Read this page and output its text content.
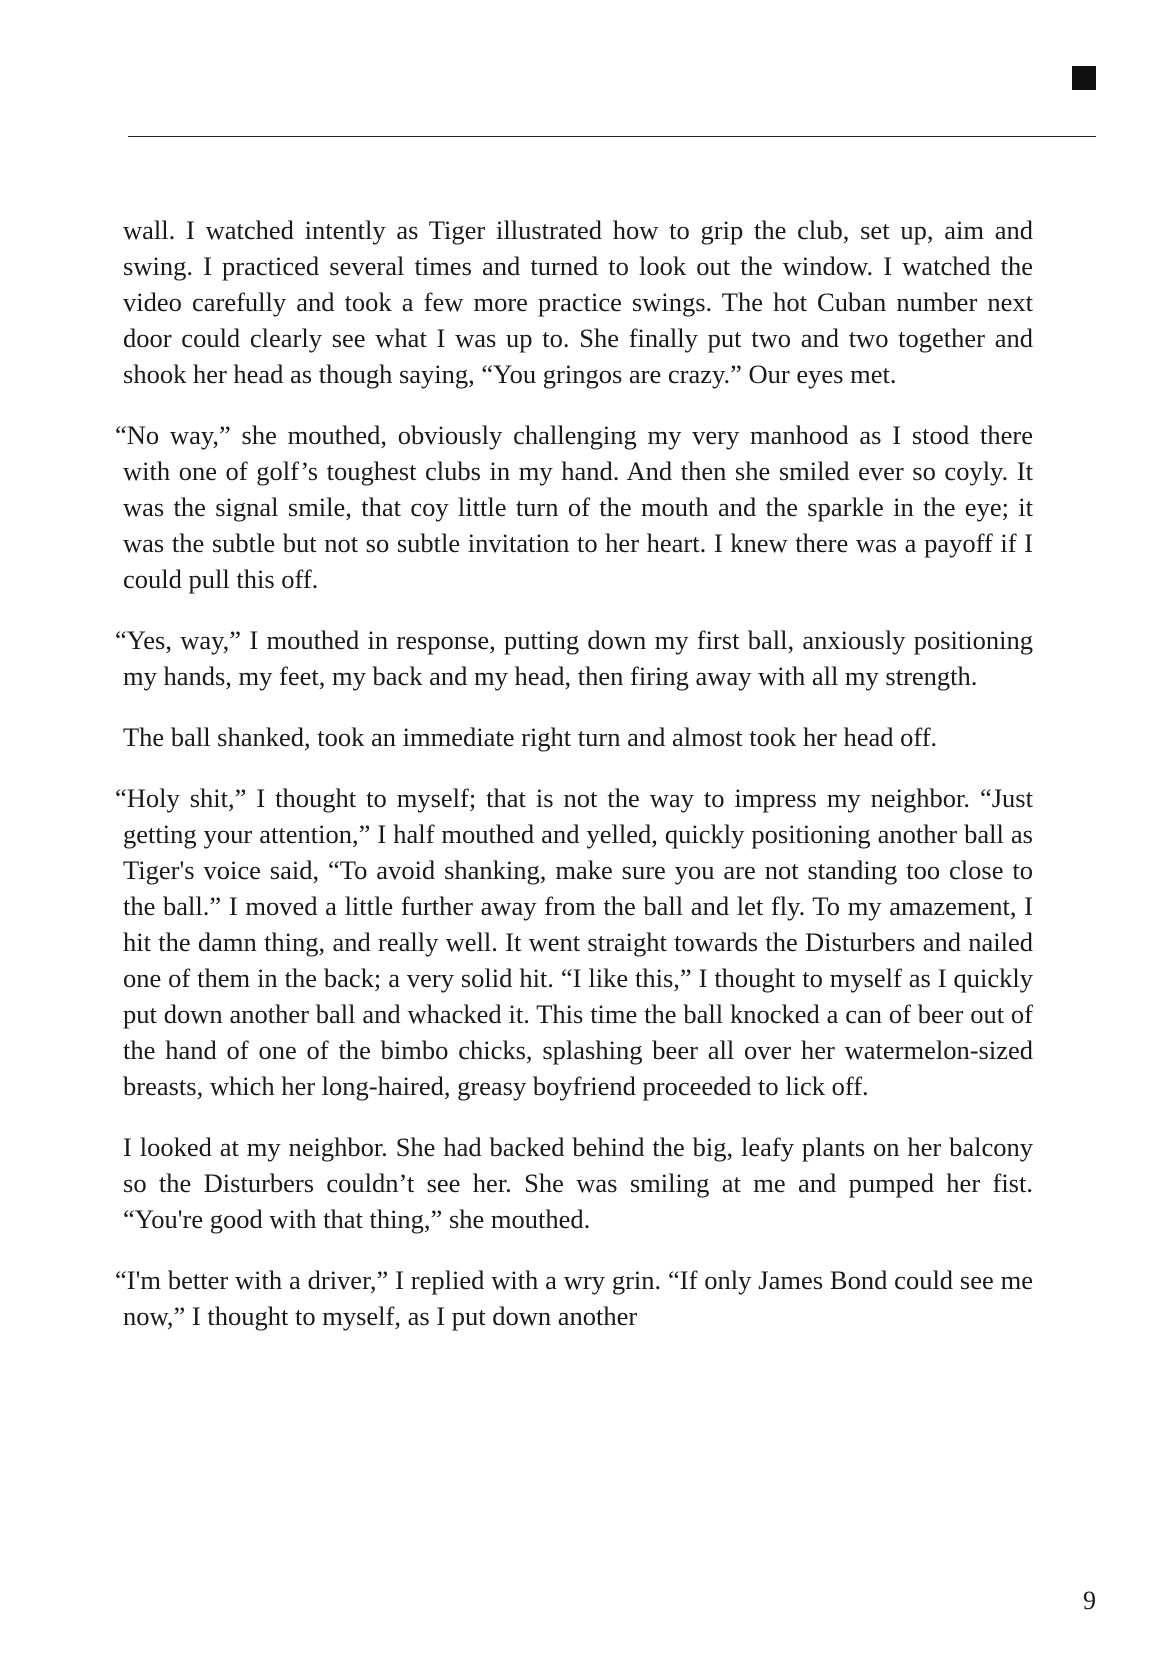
wall. I watched intently as Tiger illustrated how to grip the club, set up, aim and swing. I practiced several times and turned to look out the window. I watched the video carefully and took a few more practice swings. The hot Cuban number next door could clearly see what I was up to. She finally put two and two together and shook her head as though saying, “You gringos are crazy.” Our eyes met.

“No way,” she mouthed, obviously challenging my very manhood as I stood there with one of golf’s toughest clubs in my hand. And then she smiled ever so coyly. It was the signal smile, that coy little turn of the mouth and the sparkle in the eye; it was the subtle but not so subtle invitation to her heart. I knew there was a payoff if I could pull this off.

“Yes, way,” I mouthed in response, putting down my first ball, anxiously positioning my hands, my feet, my back and my head, then firing away with all my strength.

The ball shanked, took an immediate right turn and almost took her head off.

“Holy shit,” I thought to myself; that is not the way to impress my neighbor. “Just getting your attention,” I half mouthed and yelled, quickly positioning another ball as Tiger's voice said, “To avoid shanking, make sure you are not standing too close to the ball.” I moved a little further away from the ball and let fly. To my amazement, I hit the damn thing, and really well. It went straight towards the Disturbers and nailed one of them in the back; a very solid hit. “I like this,” I thought to myself as I quickly put down another ball and whacked it. This time the ball knocked a can of beer out of the hand of one of the bimbo chicks, splashing beer all over her watermelon-sized breasts, which her long-haired, greasy boyfriend proceeded to lick off.

I looked at my neighbor. She had backed behind the big, leafy plants on her balcony so the Disturbers couldn’t see her. She was smiling at me and pumped her fist. “You're good with that thing,” she mouthed.

“I'm better with a driver,” I replied with a wry grin. “If only James Bond could see me now,” I thought to myself, as I put down another

9
